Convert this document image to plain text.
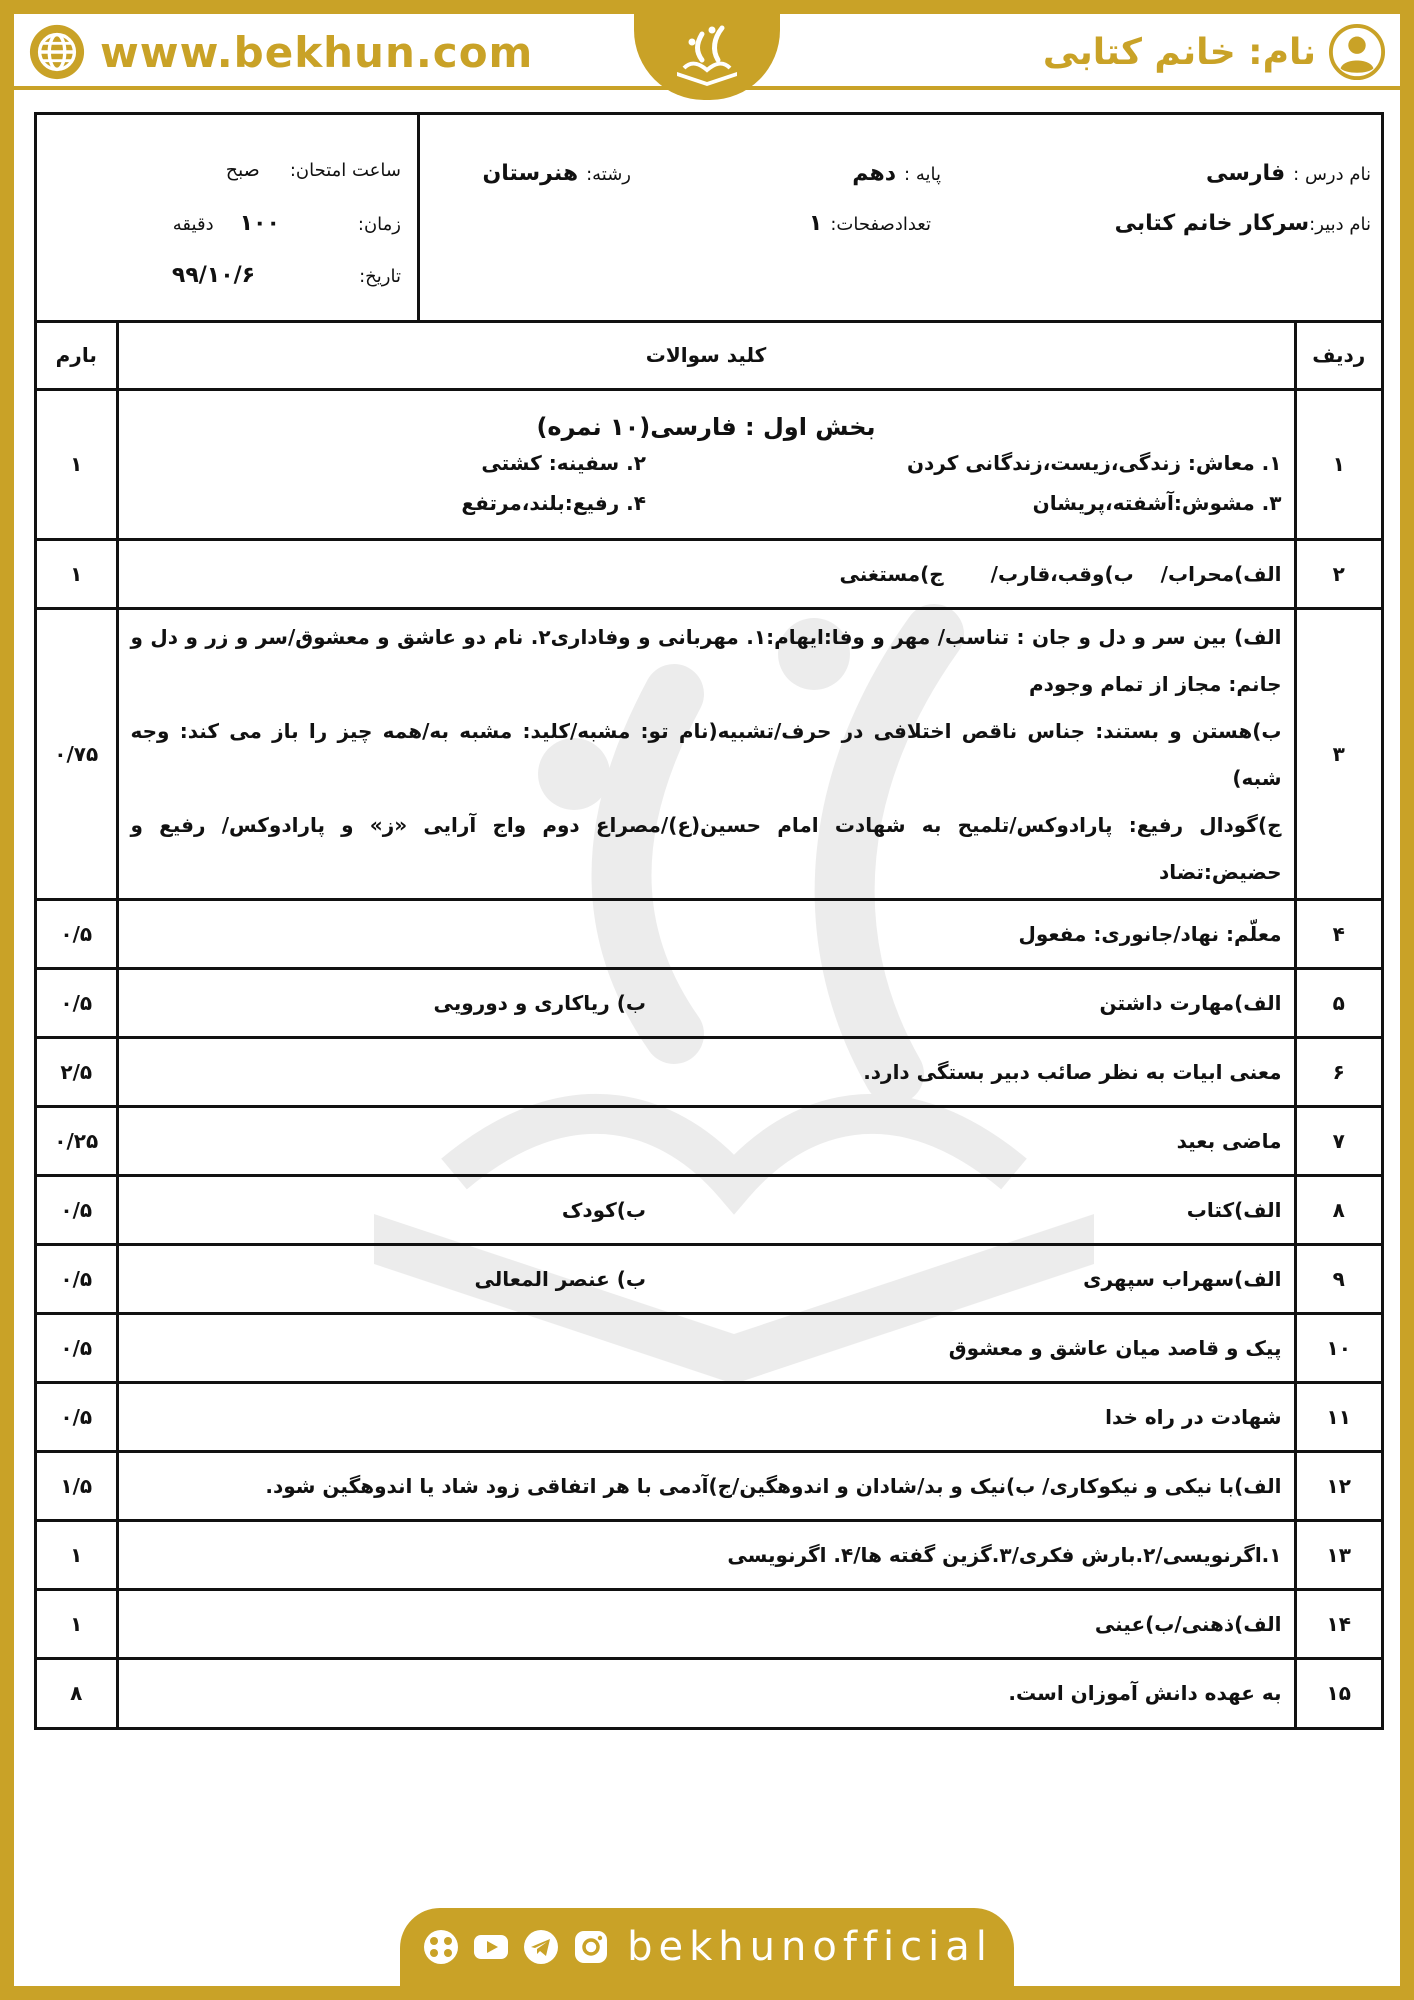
www.bekhun.com	نام: خانم کتابی
نام درس :
فارسی
نام دبیر:
سرکار خانم کتابی
پایه :
دهم
تعدادصفحات:
۱
رشته:
هنرستان
ساعت امتحان:
صبح
زمان:
۱۰۰
دقیقه
تاریخ:
۹۹/۱۰/۶
ردیف	کلید سوالات	بارم
۱	بخش اول : فارسی(۱۰ نمره)
۱. معاش: زندگی،زیست،زندگانی کردن
۲. سفینه: کشتی
۳. مشوش:آشفته،پریشان
۴. رفیع:بلند،مرتفع	۱
۲	الف)محراب/ ب)وقب،قارب/ ج)مستغنی	۱
۳	الف) بین سر و دل و جان : تناسب/ مهر و وفا:ایهام:۱. مهربانی و وفاداری۲. نام دو عاشق و معشوق/سر و زر و دل و جانم: مجاز از تمام وجودم
ب)هستن و بستند: جناس ناقص اختلافی در حرف/تشبیه(نام تو: مشبه/کلید: مشبه به/همه چیز را باز می کند: وجه شبه)
ج)گودال رفیع: پارادوکس/تلمیح به شهادت امام حسین(ع)/مصراع دوم واج آرایی «ز» و پارادوکس/ رفیع و حضیض:تضاد	۰/۷۵
۴	معلّم: نهاد/جانوری: مفعول	۰/۵
۵	الف)مهارت داشتن
ب) ریاکاری و دورویی	۰/۵
۶	معنی ابیات به نظر صائب دبیر بستگی دارد.	۲/۵
۷	ماضی بعید	۰/۲۵
۸	الف)کتاب
ب)کودک	۰/۵
۹	الف)سهراب سپهری
ب) عنصر المعالی	۰/۵
۱۰	پیک و قاصد میان عاشق و معشوق	۰/۵
۱۱	شهادت در راه خدا	۰/۵
۱۲	الف)با نیکی و نیکوکاری/ ب)نیک و بد/شادان و اندوهگین/ج)آدمی با هر اتفاقی زود شاد یا اندوهگین شود.	۱/۵
۱۳	۱.اگرنویسی/۲.بارش فکری/۳.گزین گفته ها/۴. اگرنویسی	۱
۱۴	الف)ذهنی/ب)عینی	۱
۱۵	به عهده دانش آموزان است.	۸
bekhunofficial
